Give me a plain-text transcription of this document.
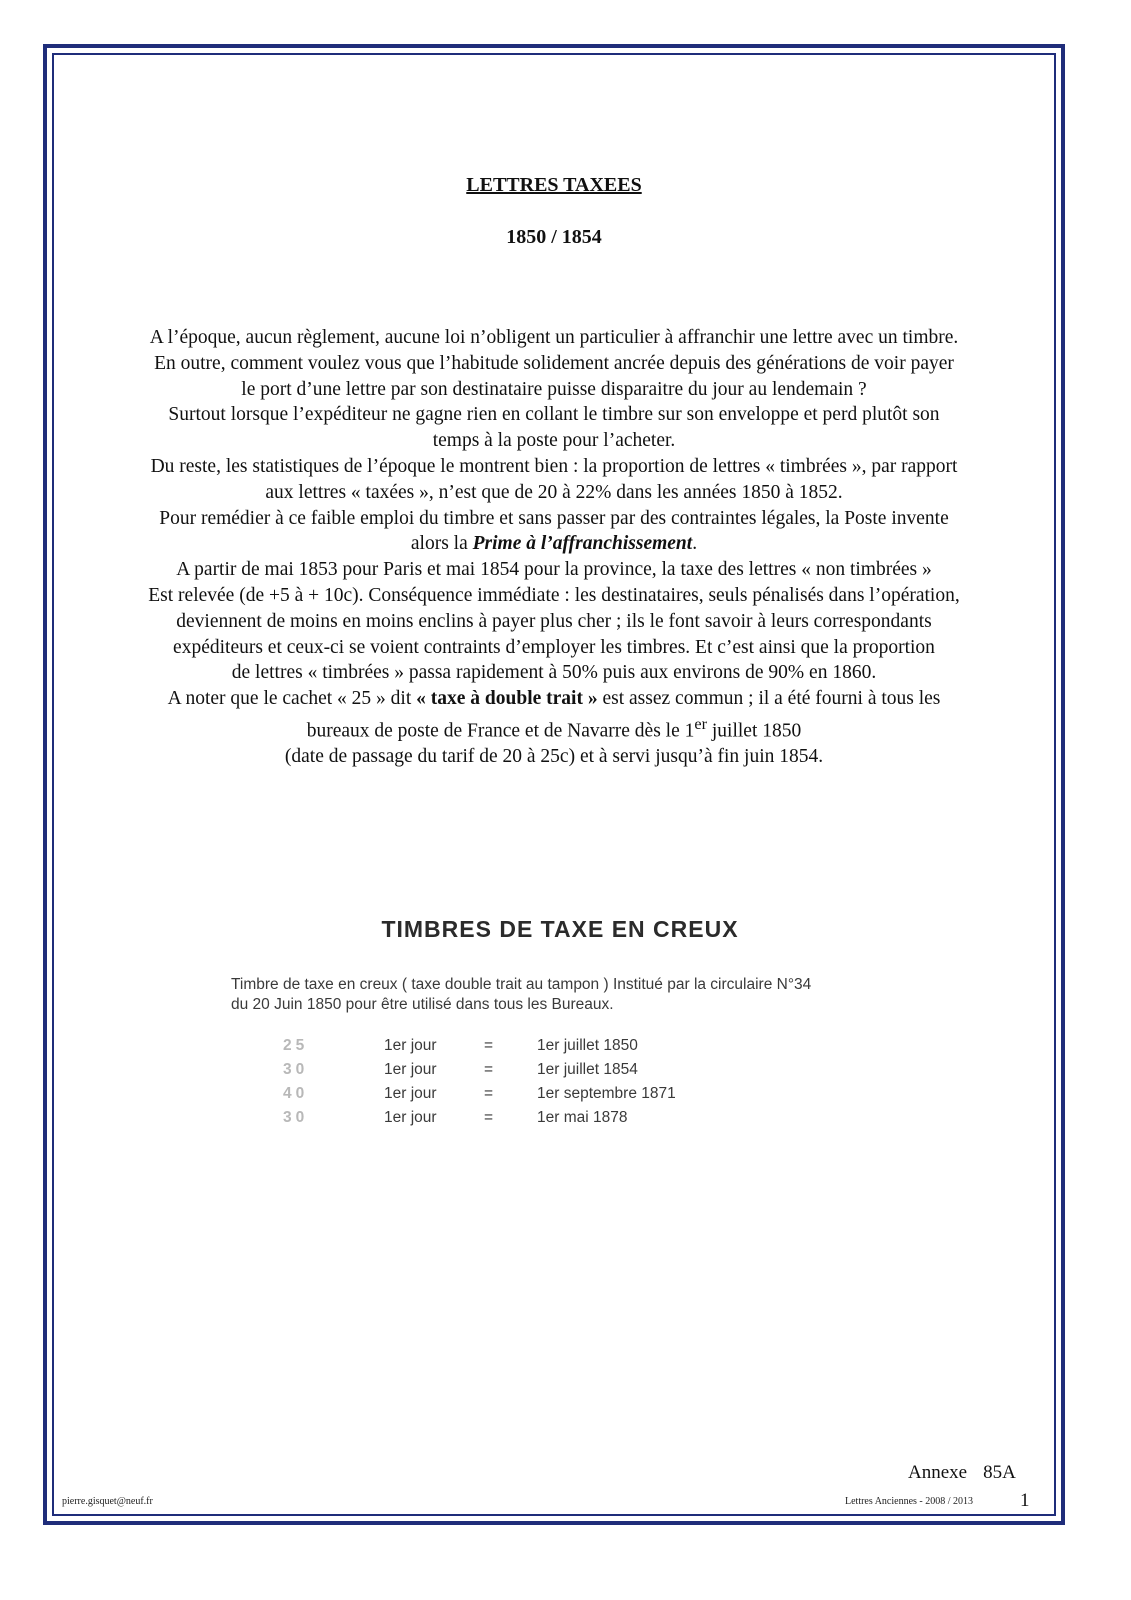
LETTRES TAXEES
1850 / 1854
A l’époque, aucun règlement, aucune loi n’obligent un particulier à affranchir une lettre avec un timbre.
En outre, comment voulez vous que l’habitude solidement ancrée depuis des générations de voir payer
le port d’une lettre par son destinataire puisse disparaitre du jour au lendemain ?
Surtout lorsque l’expéditeur ne gagne rien en collant le timbre sur son enveloppe et perd plutôt son
temps à la poste pour l’acheter.
Du reste, les statistiques de l’époque le montrent bien : la proportion de lettres « timbrées », par rapport
aux lettres « taxées », n’est que de 20 à 22% dans les années 1850 à 1852.
Pour remédier à ce faible emploi du timbre et sans passer par des contraintes légales, la Poste invente
alors la Prime à l’affranchissement.
A partir de mai 1853 pour Paris et mai 1854 pour la province, la taxe des lettres « non timbrées »
Est relevée (de +5 à + 10c). Conséquence immédiate : les destinataires, seuls pénalisés dans l’opération,
deviennent de moins en moins enclins à payer plus cher ; ils le font savoir à leurs correspondants
expéditeurs et ceux-ci se voient contraints d’employer les timbres. Et c’est ainsi que la proportion
de lettres « timbrées » passa rapidement à 50% puis aux environs de 90% en 1860.
A noter que le cachet « 25 » dit « taxe à double trait » est assez commun ; il a été fourni à tous les
bureaux de poste de France et de Navarre dès le 1er juillet 1850
(date de passage du tarif de 20 à 25c) et à servi jusqu’à fin juin 1854.
TIMBRES DE TAXE EN CREUX
Timbre de taxe en creux ( taxe double trait au tampon ) Institué par la circulaire N°34
du 20 Juin 1850 pour être utilisé dans tous les Bureaux.
25	1er jour	=	1er juillet 1850
30	1er jour	=	1er juillet 1854
40	1er jour	=	1er septembre 1871
30	1er jour	=	1er mai 1878
Annexe 85A
pierre.gisquet@neuf.fr	Lettres Anciennes - 2008 / 2013 1
